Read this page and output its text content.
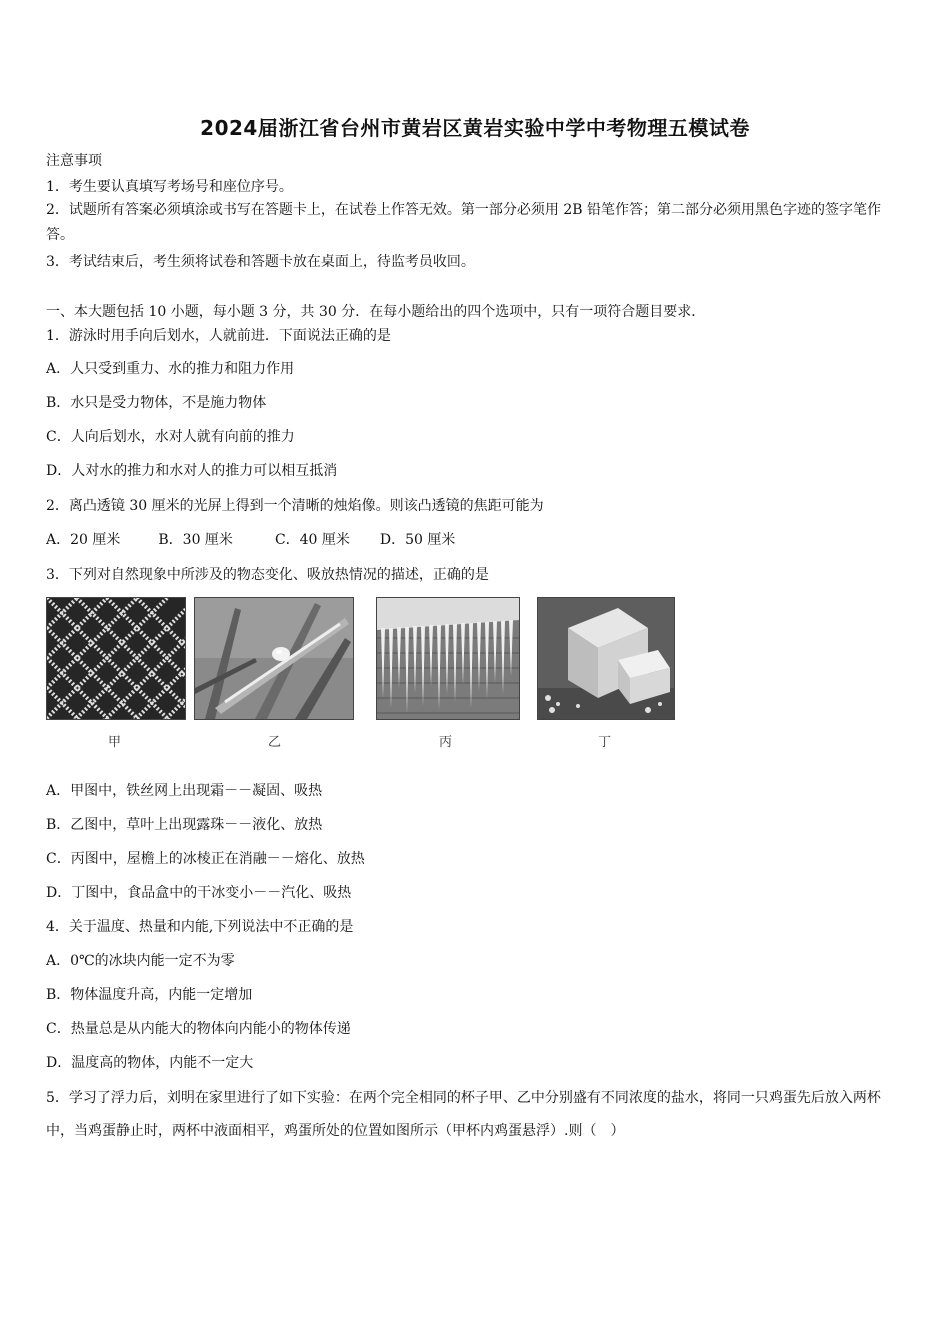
2024届浙江省台州市黄岩区黄岩实验中学中考物理五模试卷
注意事项
1．考生要认真填写考场号和座位序号。
2．试题所有答案必须填涂或书写在答题卡上，在试卷上作答无效。第一部分必须用 2B 铅笔作答；第二部分必须用黑色字迹的签字笔作答。
3．考试结束后，考生须将试卷和答题卡放在桌面上，待监考员收回。
一、本大题包括 10 小题，每小题 3 分，共 30 分．在每小题给出的四个选项中，只有一项符合题目要求．
1．游泳时用手向后划水，人就前进．下面说法正确的是
A．人只受到重力、水的推力和阻力作用
B．水只是受力物体，不是施力物体
C．人向后划水，水对人就有向前的推力
D．人对水的推力和水对人的推力可以相互抵消
2．离凸透镜 30 厘米的光屏上得到一个清晰的烛焰像。则该凸透镜的焦距可能为
A．20 厘米	B．30 厘米	C．40 厘米 D．50 厘米
3．下列对自然现象中所涉及的物态变化、吸放热情况的描述，正确的是
甲	乙	丙	丁
A．甲图中，铁丝网上出现霜－－凝固、吸热
B．乙图中，草叶上出现露珠－－液化、放热
C．丙图中，屋檐上的冰棱正在消融－－熔化、放热
D．丁图中，食品盒中的干冰变小－－汽化、吸热
4．关于温度、热量和内能,下列说法中不正确的是
A．0℃的冰块内能一定不为零
B．物体温度升高，内能一定增加
C．热量总是从内能大的物体向内能小的物体传递
D．温度高的物体，内能不一定大
5．学习了浮力后，刘明在家里进行了如下实验：在两个完全相同的杯子甲、乙中分别盛有不同浓度的盐水，将同一只鸡蛋先后放入两杯中，当鸡蛋静止时，两杯中液面相平，鸡蛋所处的位置如图所示（甲杯内鸡蛋悬浮）.则（　）
